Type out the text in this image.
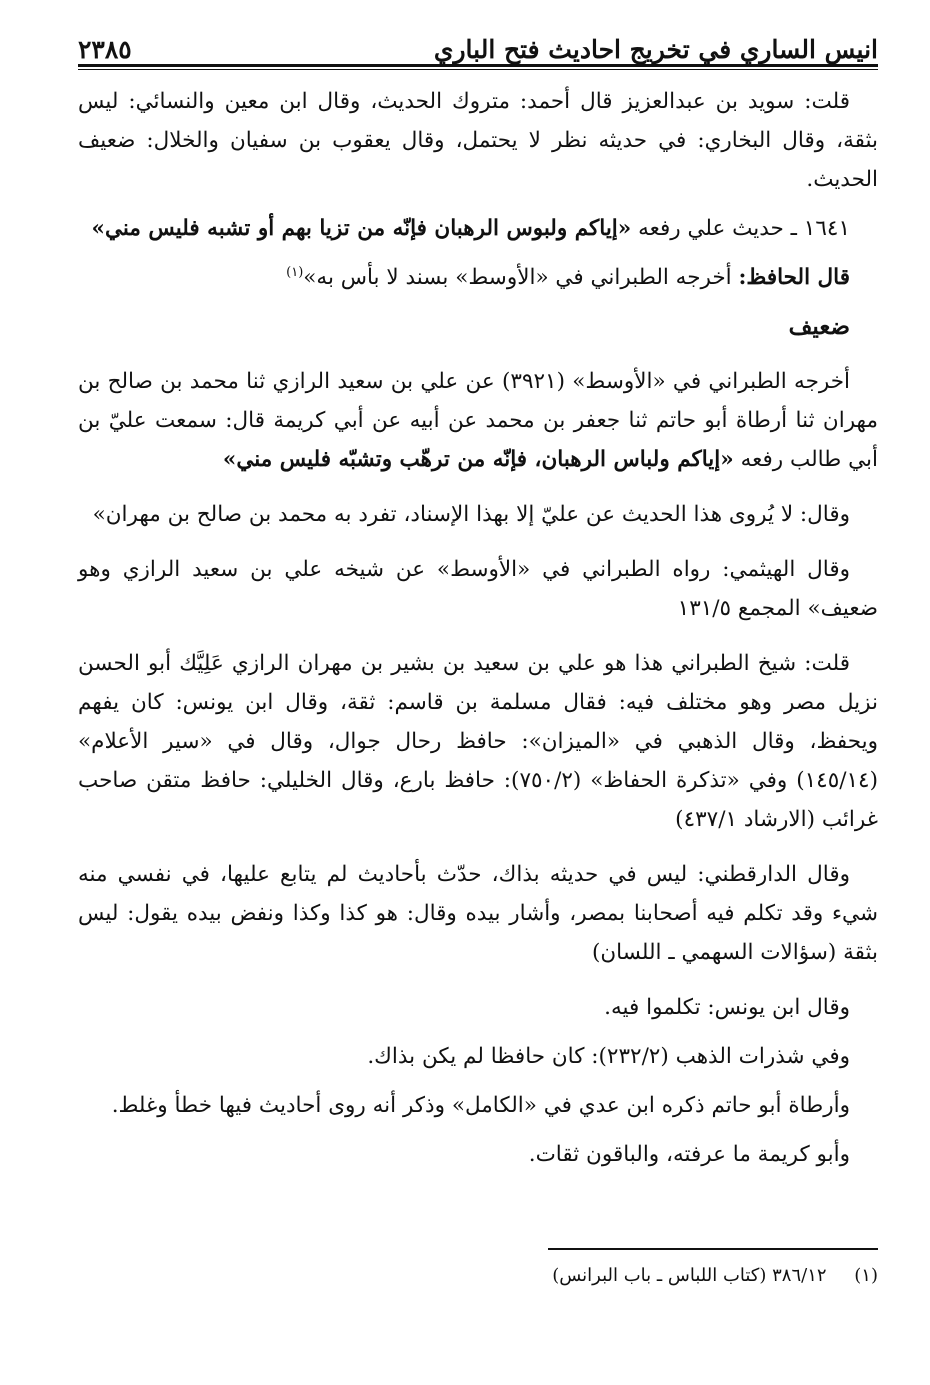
انيس الساري في تخريج احاديث فتح الباري
٢٣٨٥

قلت: سويد بن عبدالعزيز قال أحمد: متروك الحديث، وقال ابن معين والنسائي: ليس بثقة، وقال البخاري: في حديثه نظر لا يحتمل، وقال يعقوب بن سفيان والخلال: ضعيف الحديث.

١٦٤١ ـ حديث علي رفعه «إياكم ولبوس الرهبان فإنّه من تزيا بهم أو تشبه فليس مني»

قال الحافظ: أخرجه الطبراني في «الأوسط» بسند لا بأس به»$^{(١)}$

ضعيف

أخرجه الطبراني في «الأوسط» (٣٩٢١) عن علي بن سعيد الرازي ثنا محمد بن صالح بن مهران ثنا أرطاة أبو حاتم ثنا جعفر بن محمد عن أبيه عن أبي كريمة قال: سمعت عليّ بن أبي طالب رفعه «إياكم ولباس الرهبان، فإنّه من ترهّب وتشبّه فليس مني»

وقال: لا يُروى هذا الحديث عن عليّ إلا بهذا الإسناد، تفرد به محمد بن صالح بن مهران»

وقال الهيثمي: رواه الطبراني في «الأوسط» عن شيخه علي بن سعيد الرازي وهو ضعيف» المجمع ١٣١/٥

قلت: شيخ الطبراني هذا هو علي بن سعيد بن بشير بن مهران الرازي عَلِيَّك أبو الحسن نزيل مصر وهو مختلف فيه: فقال مسلمة بن قاسم: ثقة، وقال ابن يونس: كان يفهم ويحفظ، وقال الذهبي في «الميزان»: حافظ رحال جوال، وقال في «سير الأعلام» (١٤٥/١٤) وفي «تذكرة الحفاظ» (٧٥٠/٢): حافظ بارع، وقال الخليلي: حافظ متقن صاحب غرائب (الارشاد ٤٣٧/١)

وقال الدارقطني: ليس في حديثه بذاك، حدّث بأحاديث لم يتابع عليها، في نفسي منه شيء وقد تكلم فيه أصحابنا بمصر، وأشار بيده وقال: هو كذا وكذا ونفض بيده يقول: ليس بثقة (سؤالات السهمي ـ اللسان)

وقال ابن يونس: تكلموا فيه.

وفي شذرات الذهب (٢٣٢/٢): كان حافظا لم يكن بذاك.

وأرطاة أبو حاتم ذكره ابن عدي في «الكامل» وذكر أنه روى أحاديث فيها خطأ وغلط.

وأبو كريمة ما عرفته، والباقون ثقات.

(١) ٣٨٦/١٢ (كتاب اللباس ـ باب البرانس)
